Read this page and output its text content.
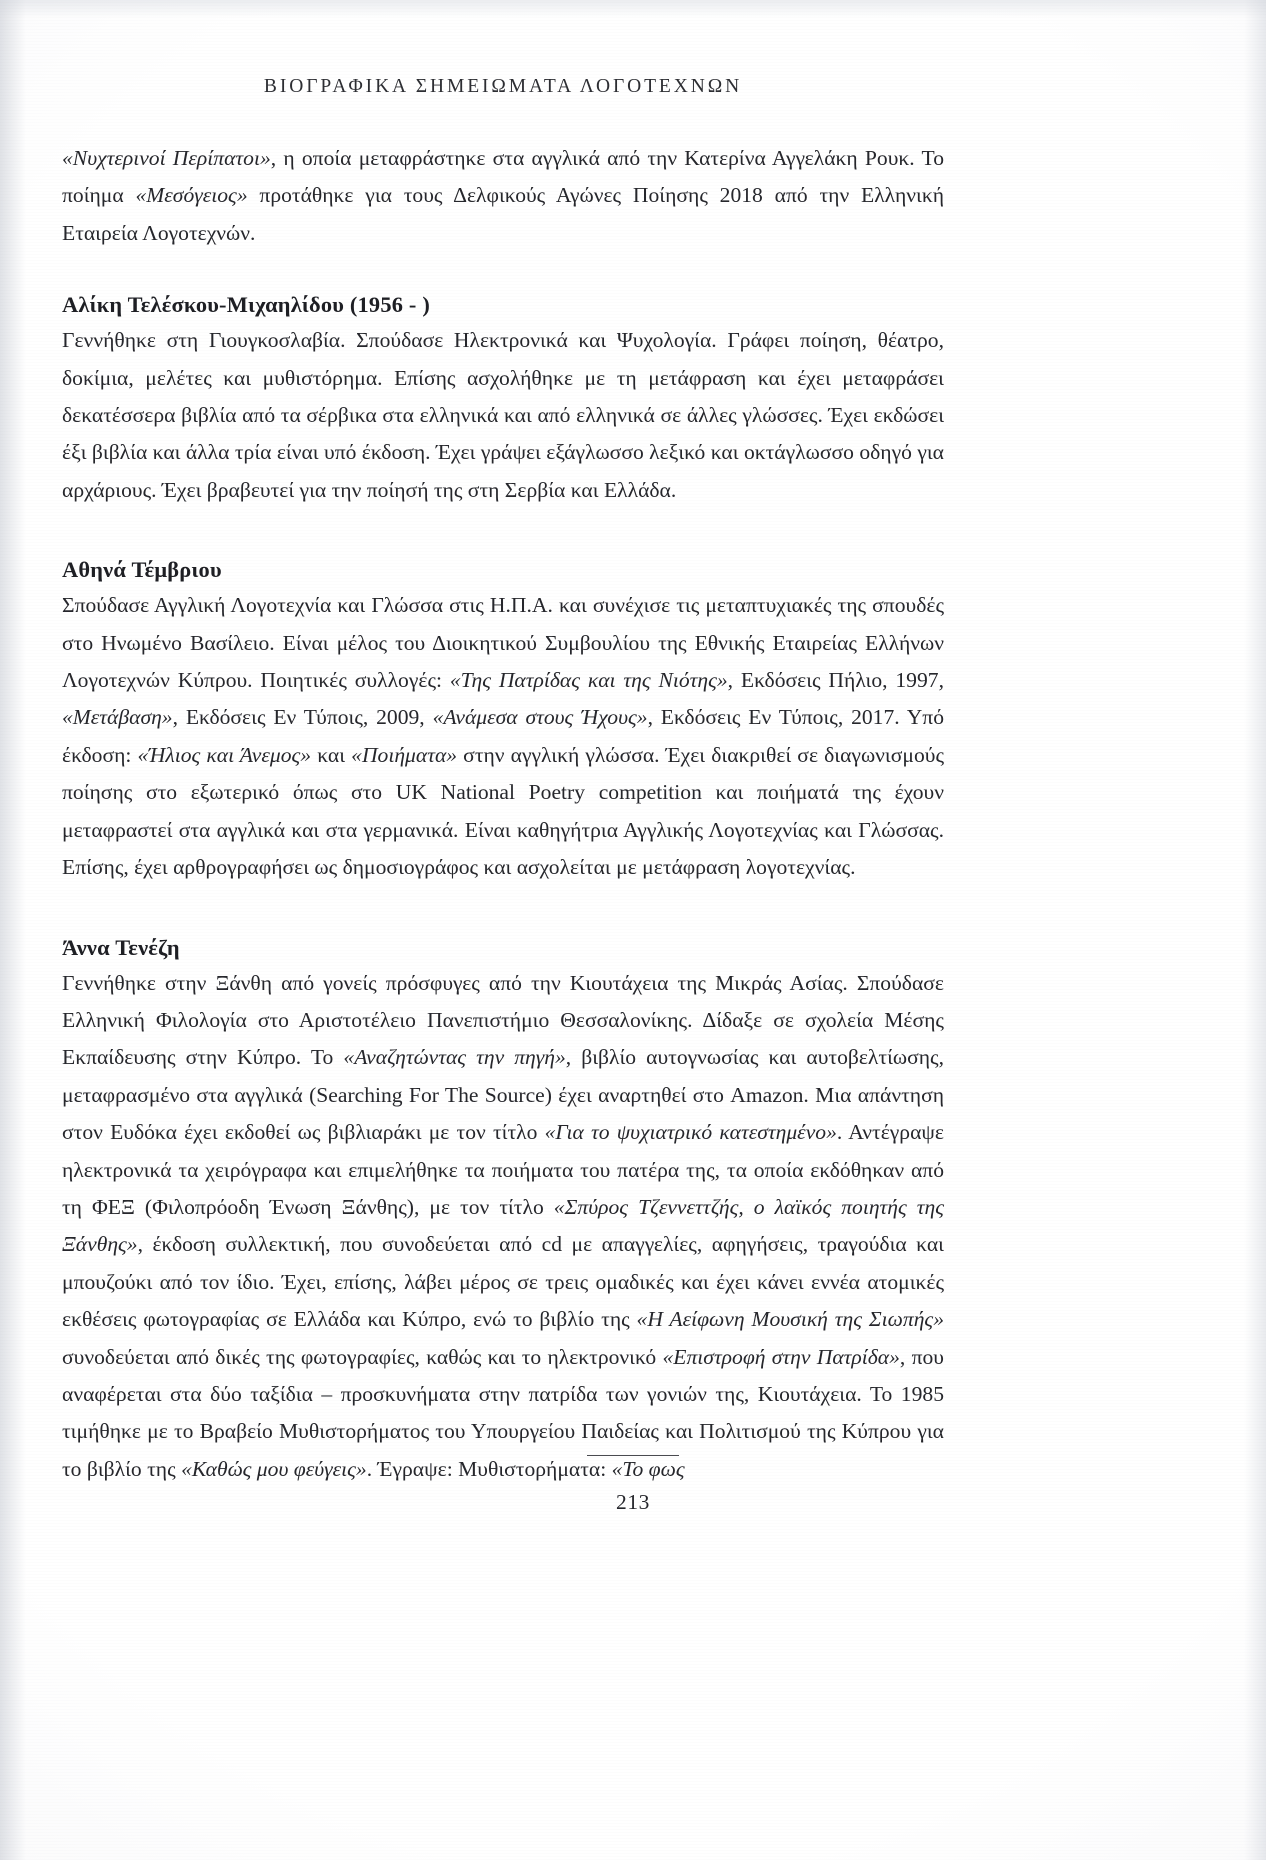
ΒΙΟΓΡΑΦΙΚΑ ΣΗΜΕΙΩΜΑΤΑ ΛΟΓΟΤΕΧΝΩΝ

«Νυχτερινοί Περίπατοι», η οποία μεταφράστηκε στα αγγλικά από την Κατερίνα Αγγελάκη Ρουκ. Το ποίημα «Μεσόγειος» προτάθηκε για τους Δελφικούς Αγώνες Ποίησης 2018 από την Ελληνική Εταιρεία Λογοτεχνών.

Αλίκη Τελέσκου-Μιχαηλίδου (1956 - )

Γεννήθηκε στη Γιουγκοσλαβία. Σπούδασε Ηλεκτρονικά και Ψυχολογία. Γράφει ποίηση, θέατρο, δοκίμια, μελέτες και μυθιστόρημα. Επίσης ασχολήθηκε με τη μετάφραση και έχει μεταφράσει δεκατέσσερα βιβλία από τα σέρβικα στα ελληνικά και από ελληνικά σε άλλες γλώσσες. Έχει εκδώσει έξι βιβλία και άλλα τρία είναι υπό έκδοση. Έχει γράψει εξάγλωσσο λεξικό και οκτάγλωσσο οδηγό για αρχάριους. Έχει βραβευτεί για την ποίησή της στη Σερβία και Ελλάδα.

Αθηνά Τέμβριου

Σπούδασε Αγγλική Λογοτεχνία και Γλώσσα στις Η.Π.Α. και συνέχισε τις μεταπτυχιακές της σπουδές στο Ηνωμένο Βασίλειο. Είναι μέλος του Διοικητικού Συμβουλίου της Εθνικής Εταιρείας Ελλήνων Λογοτεχνών Κύπρου. Ποιητικές συλλογές: «Της Πατρίδας και της Νιότης», Εκδόσεις Πήλιο, 1997, «Μετάβαση», Εκδόσεις Εν Τύποις, 2009, «Ανάμεσα στους Ήχους», Εκδόσεις Εν Τύποις, 2017. Υπό έκδοση: «Ήλιος και Άνεμος» και «Ποιήματα» στην αγγλική γλώσσα. Έχει διακριθεί σε διαγωνισμούς ποίησης στο εξωτερικό όπως στο UK National Poetry competition και ποιήματά της έχουν μεταφραστεί στα αγγλικά και στα γερμανικά. Είναι καθηγήτρια Αγγλικής Λογοτεχνίας και Γλώσσας. Επίσης, έχει αρθρογραφήσει ως δημοσιογράφος και ασχολείται με μετάφραση λογοτεχνίας.

Άννα Τενέζη

Γεννήθηκε στην Ξάνθη από γονείς πρόσφυγες από την Κιουτάχεια της Μικράς Ασίας. Σπούδασε Ελληνική Φιλολογία στο Αριστοτέλειο Πανεπιστήμιο Θεσσαλονίκης. Δίδαξε σε σχολεία Μέσης Εκπαίδευσης στην Κύπρο. Το «Αναζητώντας την πηγή», βιβλίο αυτογνωσίας και αυτοβελτίωσης, μεταφρασμένο στα αγγλικά (Searching For The Source) έχει αναρτηθεί στο Amazon. Μια απάντηση στον Ευδόκα έχει εκδοθεί ως βιβλιαράκι με τον τίτλο «Για το ψυχιατρικό κατεστημένο». Αντέγραψε ηλεκτρονικά τα χειρόγραφα και επιμελήθηκε τα ποιήματα του πατέρα της, τα οποία εκδόθηκαν από τη ΦΕΞ (Φιλοπρόοδη Ένωση Ξάνθης), με τον τίτλο «Σπύρος Τζεννεττζής, ο λαϊκός ποιητής της Ξάνθης», έκδοση συλλεκτική, που συνοδεύεται από cd με απαγγελίες, αφηγήσεις, τραγούδια και μπουζούκι από τον ίδιο. Έχει, επίσης, λάβει μέρος σε τρεις ομαδικές και έχει κάνει εννέα ατομικές εκθέσεις φωτογραφίας σε Ελλάδα και Κύπρο, ενώ το βιβλίο της «Η Αείφωνη Μουσική της Σιωπής» συνοδεύεται από δικές της φωτογραφίες, καθώς και το ηλεκτρονικό «Επιστροφή στην Πατρίδα», που αναφέρεται στα δύο ταξίδια – προσκυνήματα στην πατρίδα των γονιών της, Κιουτάχεια. Το 1985 τιμήθηκε με το Βραβείο Μυθιστορήματος του Υπουργείου Παιδείας και Πολιτισμού της Κύπρου για το βιβλίο της «Καθώς μου φεύγεις». Έγραψε: Μυθιστορήματα: «Το φως

213
